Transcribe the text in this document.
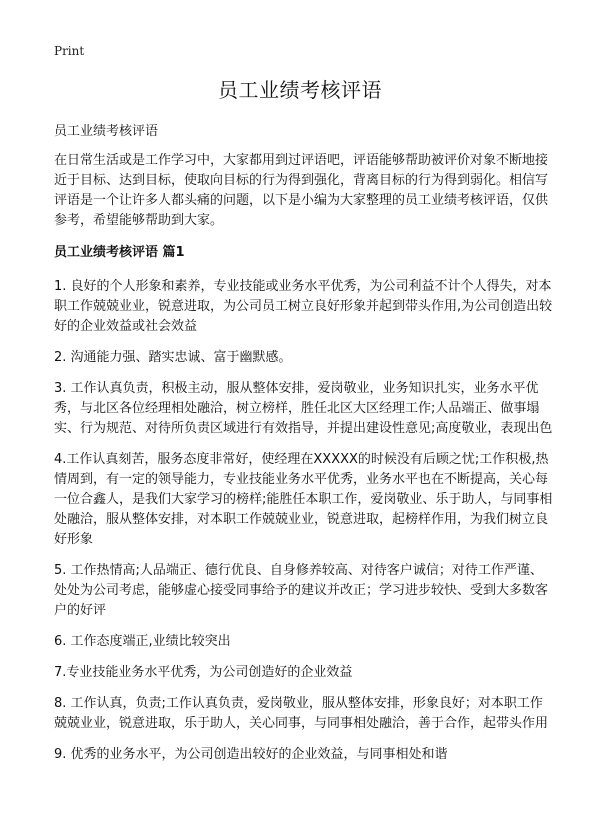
Print
员工业绩考核评语

员工业绩考核评语

在日常生活或是工作学习中，大家都用到过评语吧，评语能够帮助被评价对象不断地接近于目标、达到目标，使取向目标的行为得到强化，背离目标的行为得到弱化。相信写评语是一个让许多人都头痛的问题，以下是小编为大家整理的员工业绩考核评语，仅供参考，希望能够帮助到大家。

员工业绩考核评语 篇1

1. 良好的个人形象和素养，专业技能或业务水平优秀，为公司利益不计个人得失，对本职工作兢兢业业，锐意进取，为公司员工树立良好形象并起到带头作用,为公司创造出较好的企业效益或社会效益

2. 沟通能力强、踏实忠诚、富于幽默感。

3. 工作认真负责，积极主动，服从整体安排，爱岗敬业，业务知识扎实，业务水平优秀，与北区各位经理相处融洽，树立榜样，胜任北区大区经理工作;人品端正、做事塌实、行为规范、对待所负责区域进行有效指导，并提出建设性意见;高度敬业，表现出色

4.工作认真刻苦，服务态度非常好，使经理在XXXXX的时候没有后顾之忧;工作积极,热情周到，有一定的领导能力，专业技能业务水平优秀，业务水平也在不断提高，关心每一位合鑫人，是我们大家学习的榜样;能胜任本职工作，爱岗敬业、乐于助人，与同事相处融洽，服从整体安排，对本职工作兢兢业业，锐意进取，起榜样作用，为我们树立良好形象

5. 工作热情高;人品端正、德行优良、自身修养较高、对待客户诚信；对待工作严谨、处处为公司考虑，能够虚心接受同事给予的建议并改正；学习进步较快、受到大多数客户的好评

6. 工作态度端正,业绩比较突出

7.专业技能业务水平优秀，为公司创造好的企业效益

8. 工作认真，负责;工作认真负责，爱岗敬业，服从整体安排，形象良好；对本职工作兢兢业业，锐意进取，乐于助人，关心同事，与同事相处融洽，善于合作，起带头作用

9. 优秀的业务水平，为公司创造出较好的企业效益，与同事相处和谐
